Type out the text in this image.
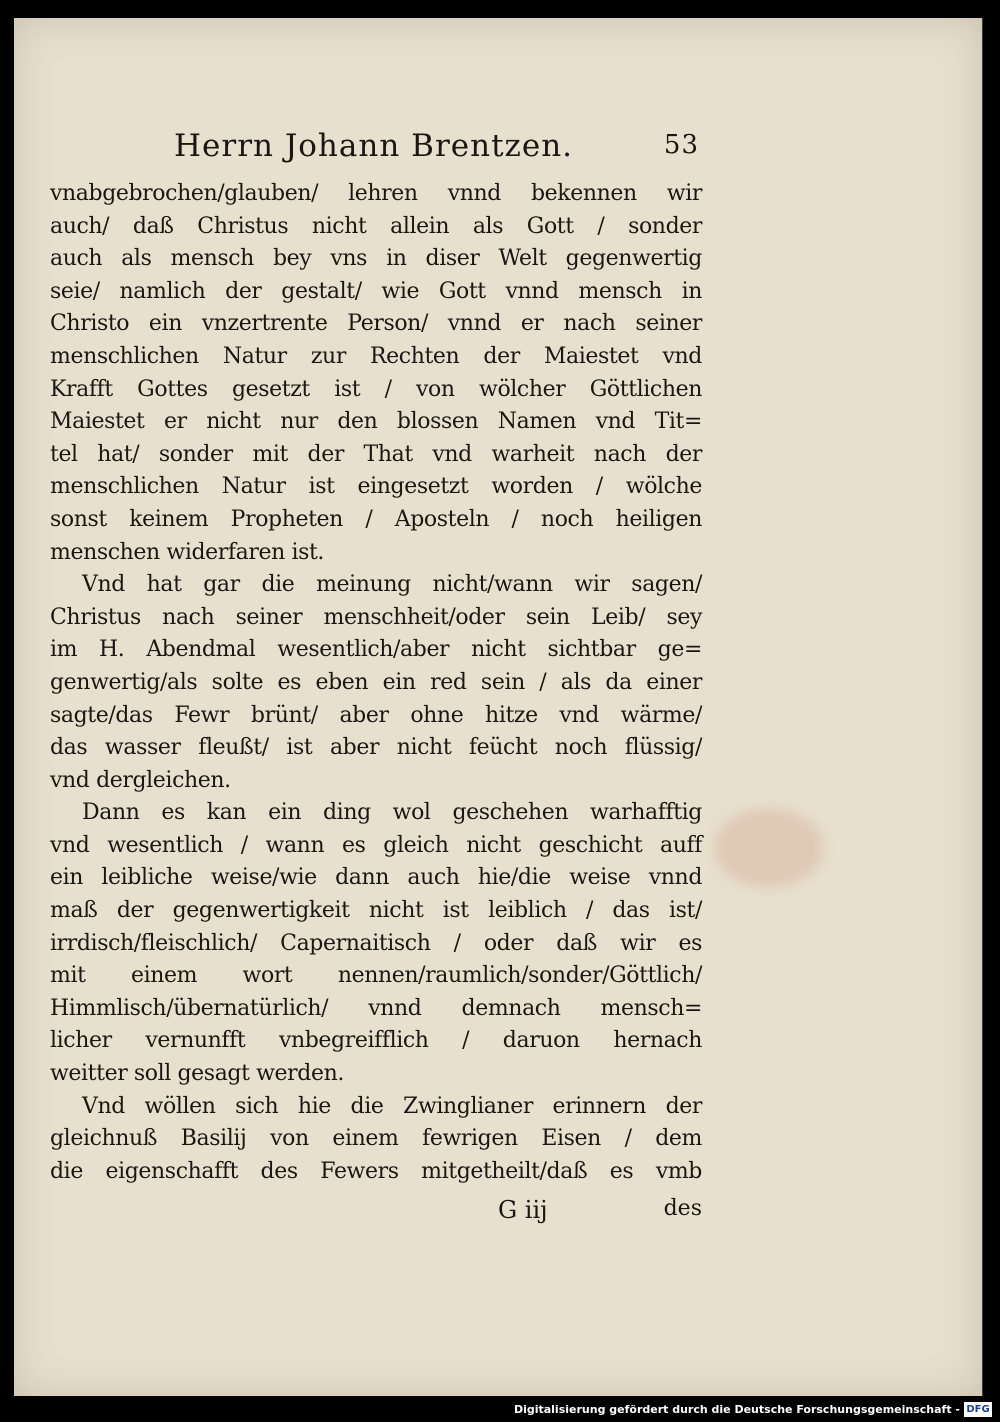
Herrn Johann Brentzen.	53
vnabgebrochen/glauben/ lehren vnnd bekennen wir
auch/ daß Christus nicht allein als Gott / sonder
auch als mensch bey vns in diser Welt gegenwertig
seie/ namlich der gestalt/ wie Gott vnnd mensch in
Christo ein vnzertrente Person/ vnnd er nach seiner
menschlichen Natur zur Rechten der Maiestet vnd
Krafft Gottes gesetzt ist / von wölcher Göttlichen
Maiestet er nicht nur den blossen Namen vnd Tit=
tel hat/ sonder mit der That vnd warheit nach der
menschlichen Natur ist eingesetzt worden / wölche
sonst keinem Propheten / Aposteln / noch heiligen
menschen widerfaren ist.
Vnd hat gar die meinung nicht/wann wir sagen/
Christus nach seiner menschheit/oder sein Leib/ sey
im H. Abendmal wesentlich/aber nicht sichtbar ge=
genwertig/als solte es eben ein red sein / als da einer
sagte/das Fewr brünt/ aber ohne hitze vnd wärme/
das wasser fleußt/ ist aber nicht feücht noch flüssig/
vnd dergleichen.
Dann es kan ein ding wol geschehen warhafftig
vnd wesentlich / wann es gleich nicht geschicht auff
ein leibliche weise/wie dann auch hie/die weise vnnd
maß der gegenwertigkeit nicht ist leiblich / das ist/
irrdisch/fleischlich/ Capernaitisch / oder daß wir es
mit einem wort nennen/raumlich/sonder/Göttlich/
Himmlisch/übernatürlich/ vnnd demnach mensch=
licher vernunfft vnbegreifflich / daruon hernach
weitter soll gesagt werden.
Vnd wöllen sich hie die Zwinglianer erinnern der
gleichnuß Basilij von einem fewrigen Eisen / dem
die eigenschafft des Fewers mitgetheilt/daß es vmb
G iij	des
Digitalisierung gefördert durch die Deutsche Forschungsgemeinschaft - DFG
